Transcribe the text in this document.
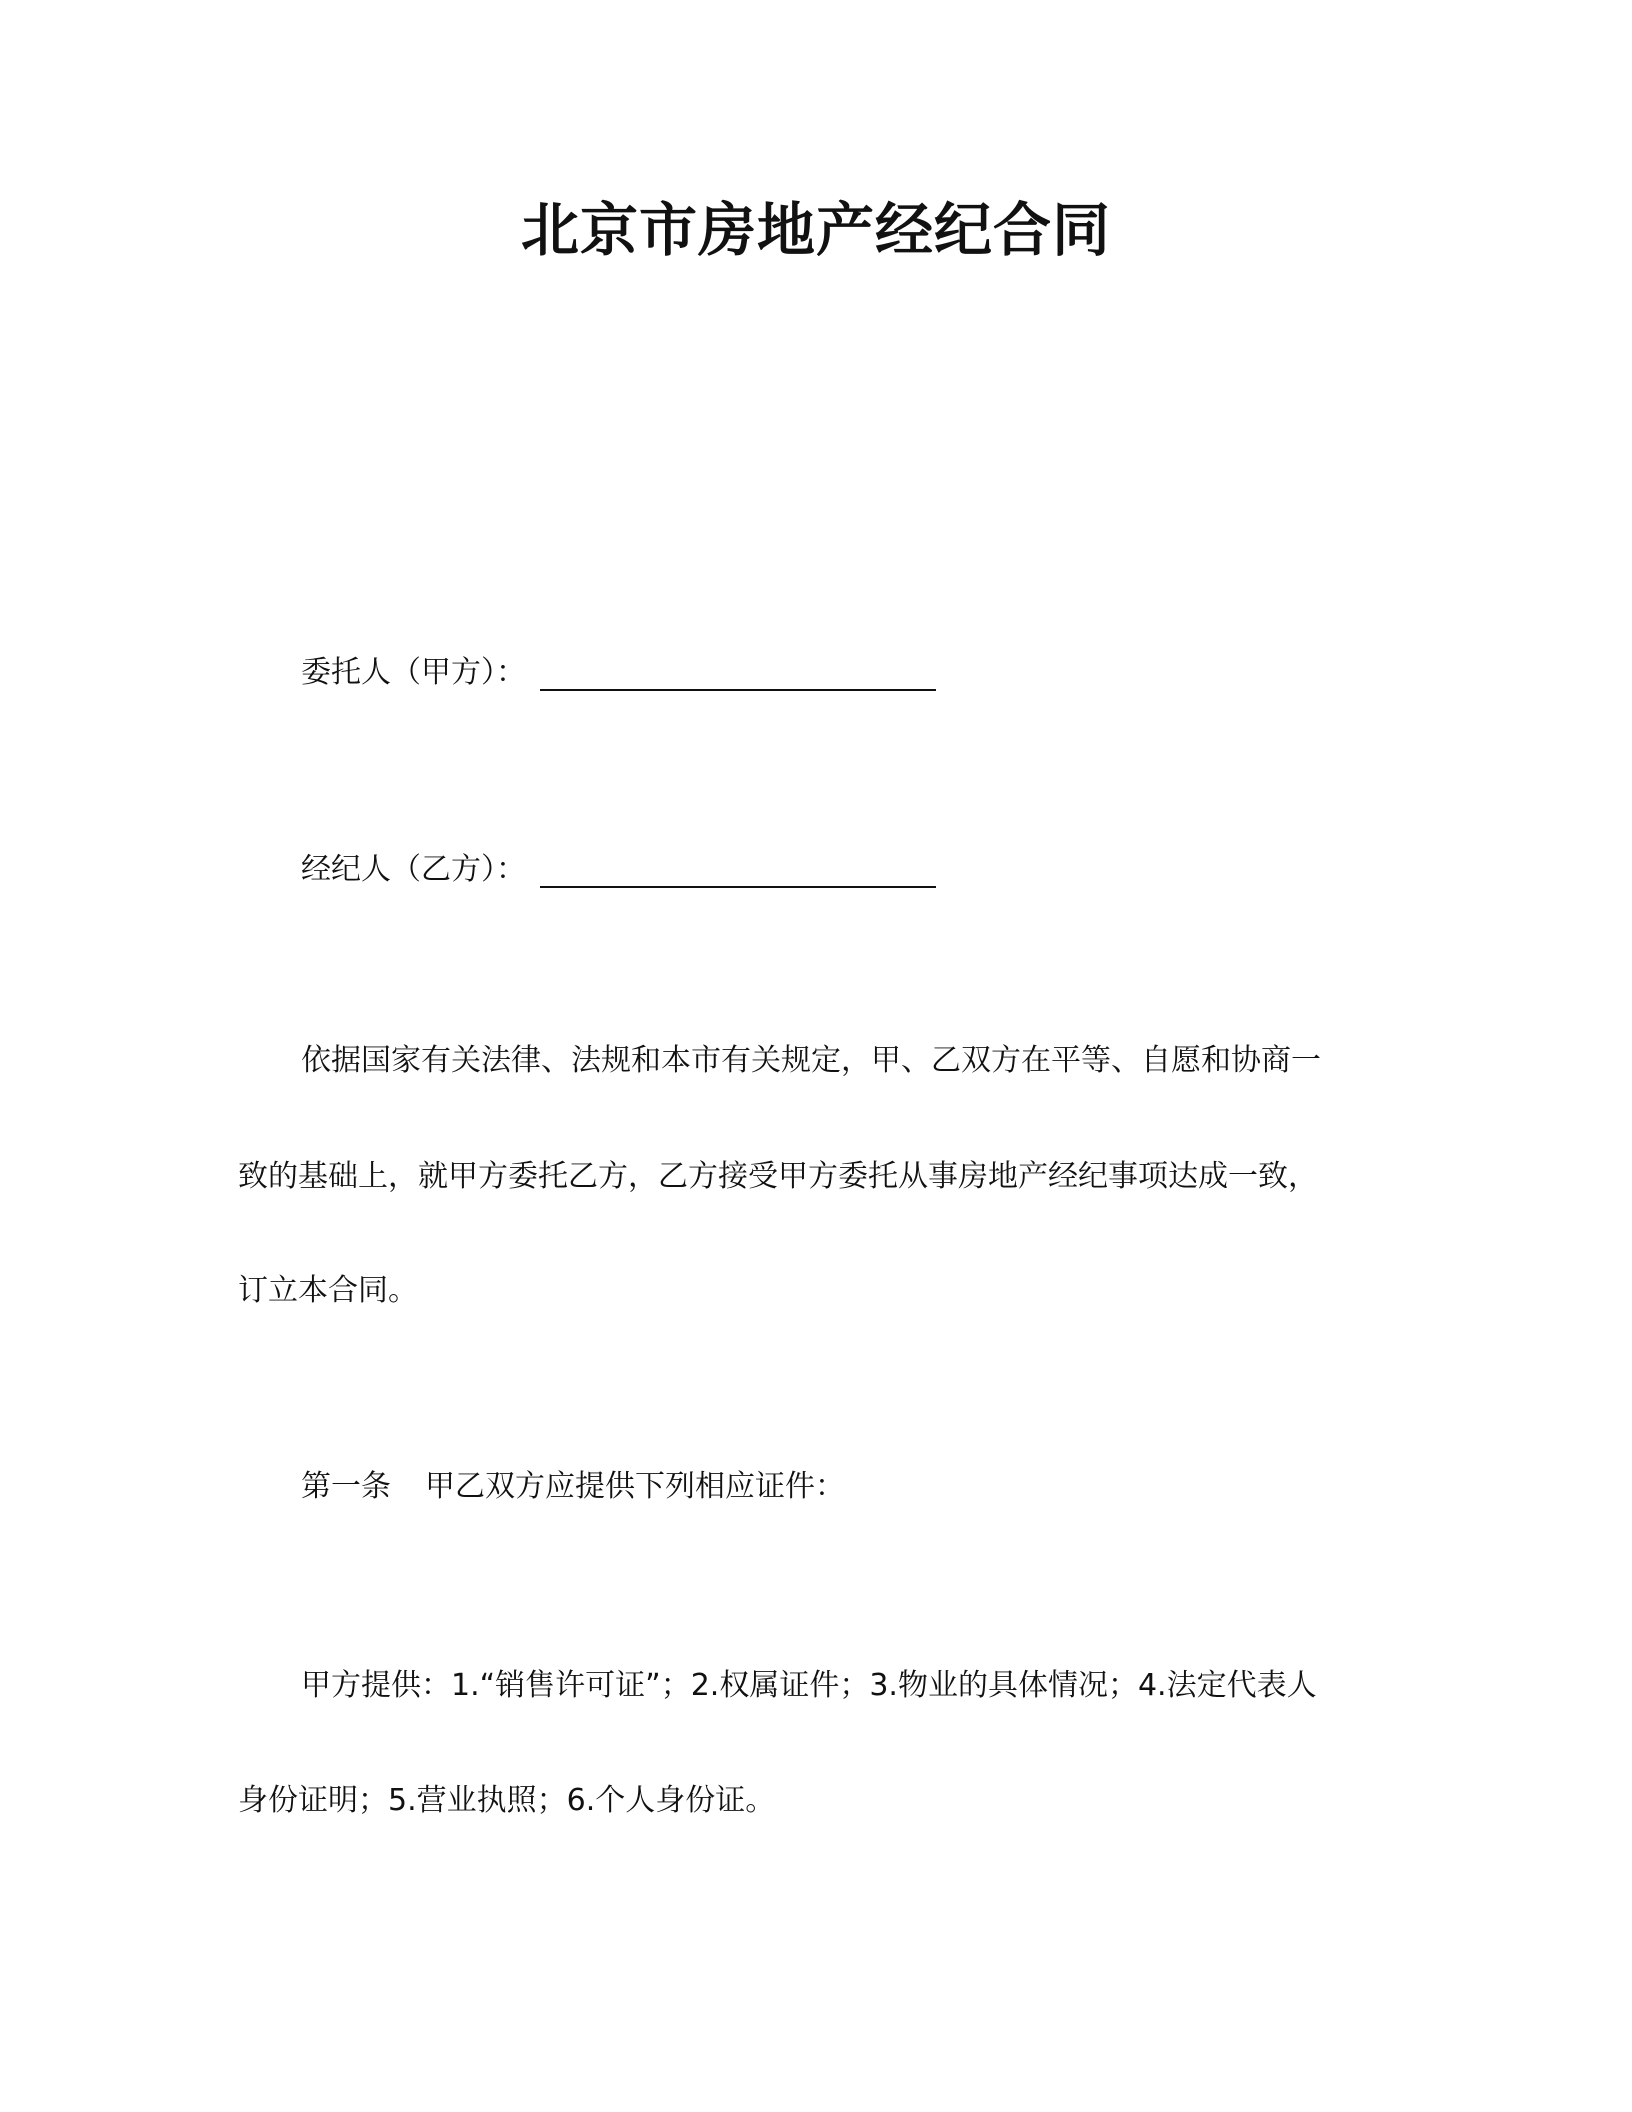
北京市房地产经纪合同
委托人（甲方）：
经纪人（乙方）：

依据国家有关法律、法规和本市有关规定，甲、乙双方在平等、自愿和协商一

致的基础上，就甲方委托乙方，乙方接受甲方委托从事房地产经纪事项达成一致，

订立本合同。

第一条 甲乙双方应提供下列相应证件：

甲方提供：1.“销售许可证”；2.权属证件；3.物业的具体情况；4.法定代表人

身份证明；5.营业执照；6.个人身份证。
